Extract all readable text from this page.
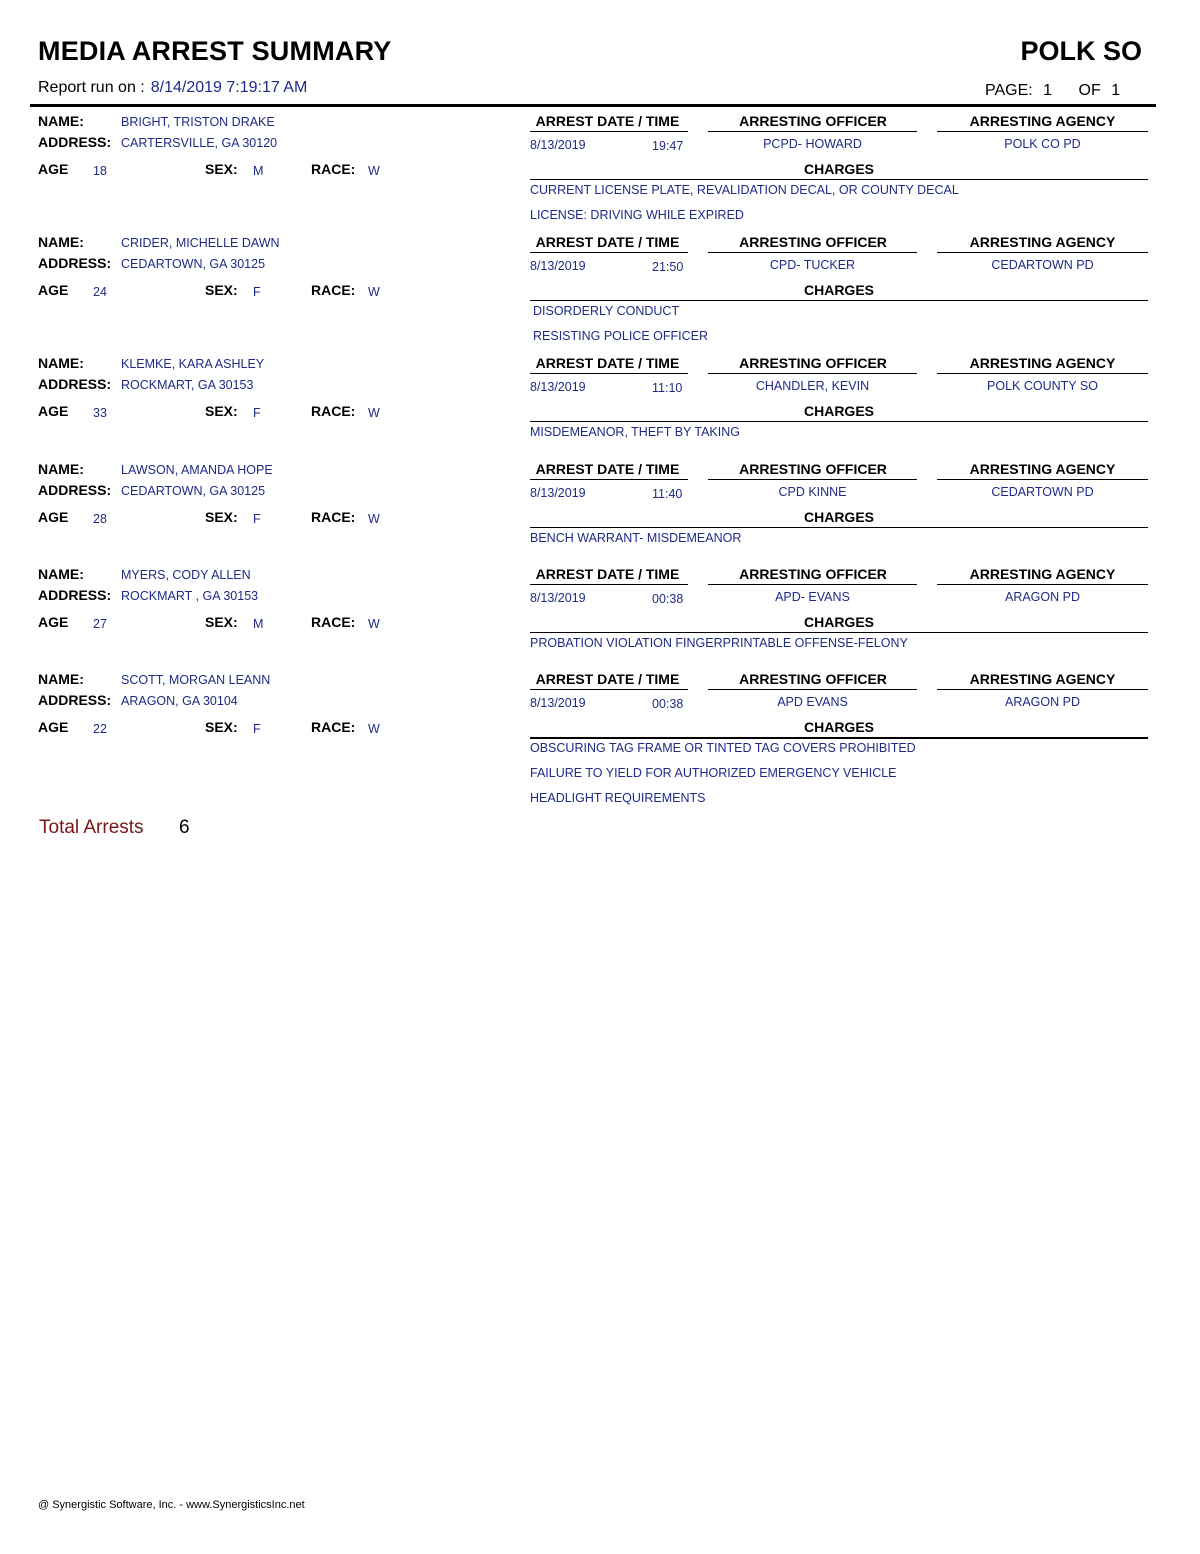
MEDIA ARREST SUMMARY	POLK SO
Report run on : 8/14/2019 7:19:17 AM	PAGE: 1 OF 1
NAME:	BRIGHT, TRISTON DRAKE
ADDRESS: CARTERSVILLE, GA 30120
AGE 18	SEX: M	RACE: W
ARREST DATE / TIME	ARRESTING OFFICER	ARRESTING AGENCY
8/13/2019	19:47	PCPD- HOWARD	POLK CO PD
CHARGES
CURRENT LICENSE PLATE, REVALIDATION DECAL, OR COUNTY DECAL
LICENSE: DRIVING WHILE EXPIRED
NAME:	CRIDER, MICHELLE DAWN
ADDRESS: CEDARTOWN, GA 30125
AGE 24	SEX: F	RACE: W
ARREST DATE / TIME	ARRESTING OFFICER	ARRESTING AGENCY
8/13/2019	21:50	CPD- TUCKER	CEDARTOWN PD
CHARGES
DISORDERLY CONDUCT
RESISTING POLICE OFFICER
NAME:	KLEMKE, KARA ASHLEY
ADDRESS: ROCKMART, GA 30153
AGE 33	SEX: F	RACE: W
ARREST DATE / TIME	ARRESTING OFFICER	ARRESTING AGENCY
8/13/2019	11:10	CHANDLER, KEVIN	POLK COUNTY SO
CHARGES
MISDEMEANOR, THEFT BY TAKING
NAME:	LAWSON, AMANDA HOPE
ADDRESS: CEDARTOWN, GA 30125
AGE 28	SEX: F	RACE: W
ARREST DATE / TIME	ARRESTING OFFICER	ARRESTING AGENCY
8/13/2019	11:40	CPD KINNE	CEDARTOWN PD
CHARGES
BENCH WARRANT- MISDEMEANOR
NAME:	MYERS, CODY ALLEN
ADDRESS: ROCKMART , GA 30153
AGE 27	SEX: M	RACE: W
ARREST DATE / TIME	ARRESTING OFFICER	ARRESTING AGENCY
8/13/2019	00:38	APD- EVANS	ARAGON PD
CHARGES
PROBATION VIOLATION FINGERPRINTABLE OFFENSE-FELONY
NAME:	SCOTT, MORGAN LEANN
ADDRESS: ARAGON, GA 30104
AGE 22	SEX: F	RACE: W
ARREST DATE / TIME	ARRESTING OFFICER	ARRESTING AGENCY
8/13/2019	00:38	APD EVANS	ARAGON PD
CHARGES
OBSCURING TAG FRAME OR TINTED TAG COVERS PROHIBITED
FAILURE TO YIELD FOR AUTHORIZED EMERGENCY VEHICLE
HEADLIGHT REQUIREMENTS
Total Arrests 6
@ Synergistic Software, Inc. - www.SynergisticsInc.net
